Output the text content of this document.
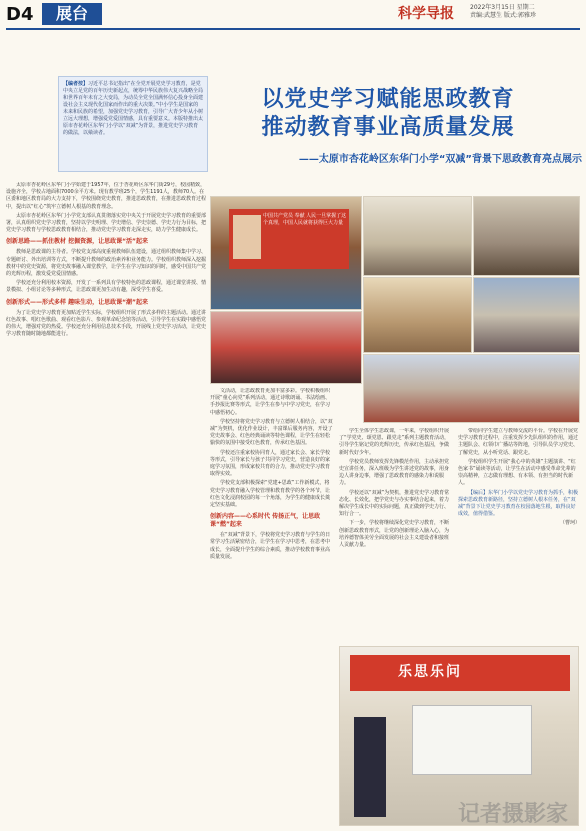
D4	展台	科学导报	2022年3月15日 星期二
责编:武慧生 版式:郭雅珍
【编者按】习近平总书记指出“在全党开展党史学习教育，是党中央立足党的百年历史新起点，统筹中华民族伟大复兴战略全局和世界百年未有之大变局，为动员全党全国满怀信心投身全面建设社会主义现代化国家而作出的重大决策。”中小学生是国家的未来和民族的希望，加强党史学习教育，引导广大青少年从小树立远大理想，增强爱党爱国情感，具有重要意义。本版特推出太原市杏花岭区东华门小学以“双减”为背景，推进党史学习教育的做法，以飨读者。
以党史学习赋能思政教育
推动教育事业高质量发展
——太原市杏花岭区东华门小学“双减”背景下思政教育亮点展示

太原市杏花岭区东华门小学始建于1957年，位于杏花岭区东华门街29号，校园精致，设施齐全，学校占地面积7000余平方米。现有教学班25个，学生1191人，教师70人。在区委和地区教育局的大力支持下，学校围绕党史教育，推进思政教育，在推进思政教育过程中，提出以“红心”筑牢立德树人根基的教育理念。

太原市杏花岭区东华门小学党支部认真贯彻落实党中央关于开展党史学习教育的重要部署，认真组织党史学习教育，坚持以学史明理、学史增信、学史崇德、学史力行为目标，把党史学习教育与学校思政教育相结合，推动党史学习教育走深走实，助力学生健康成长。

创新思路——抓住教材 挖掘资源，让思政课“活”起来

教师是思政课的主导者。学校党支部高度重视教师队伍建设，通过组织教师集中学习、专题研讨、外出培训等方式，不断提升教师的政治素养和业务能力。学校组织教师深入挖掘教材中的党史资源，将党史故事融入课堂教学，让学生在学习知识的同时，感受中国共产党的光辉历程，激发爱党爱国情感。

学校还充分利用校本资源，开发了一系列具有学校特色的思政课程，通过课堂讲授、情景模拟、小组讨论等多种形式，让思政课更加生动有趣，深受学生喜爱。

创新形式——形式多样 趣味生动，让思政课“潮”起来

为了让党史学习教育更加贴近学生实际，学校组织开展了形式多样的主题活动。通过讲红色故事、唱红色歌曲、观看红色影片、参观革命纪念馆等活动，引导学生在实践中感悟党的伟大，增强对党的热爱。学校还充分利用信息技术手段，开展线上党史学习活动，让党史学习教育随时随地都能进行。

文活动，让思政教育更加丰富多彩。学校积极组织开展“童心向党”系列活动，通过诗歌朗诵、书法绘画、手抄报比赛等形式，让学生在参与中学习党史，在学习中感悟初心。

学校坚持将党史学习教育与立德树人相结合，以“双减”为契机，优化作业设计，丰富课后服务内容，开设了党史故事会、红色经典诵读等特色课程，让学生在轻松愉快的氛围中接受红色教育，传承红色基因。

学校还注重家校协同育人，通过家长会、家长学校等形式，引导家长与孩子共同学习党史，营造良好的家庭学习氛围，形成家校共育的合力，推动党史学习教育取得实效。

学校党支部积极探索“党建+思政”工作新模式，将党史学习教育融入学校管理和教育教学的各个环节，让红色文化浸润校园的每一个角落，为学生的健康成长奠定坚实基础。

创新内容——心系时代 传扬正气，让思政课“燃”起来

在“双减”背景下，学校将党史学习教育与学生的日常学习生活紧密结合，让学生在学习中思考，在思考中成长，全面提升学生的综合素质，推动学校教育事业高质量发展。

学生全体学生思政课，一年来，学校组织开展了“学党史、颂党恩、跟党走”系列主题教育活动，引导学生铭记党的光辉历史，传承红色基因，争做新时代好少年。

学校党员教师发挥先锋模范作用，主动承担党史宣讲任务，深入班级为学生讲述党的故事，用身边人讲身边事，增强了思政教育的感染力和说服力。

学校还以“双减”为契机，推进党史学习教育常态化、长效化，把学党史与办实事结合起来，着力解决学生成长中的实际问题，真正做到学史力行、知行合一。

下一步，学校将继续深化党史学习教育，不断创新思政教育形式，让党的创新理论入脑入心，为培养德智体美劳全面发展的社会主义建设者和接班人贡献力量。

带给同学生建立与教师交流的平台。学校在开展党史学习教育过程中，注重发挥少先队组织的作用，通过主题队会、红领巾广播站等阵地，引导队员学习党史、了解党史，从小听党话、跟党走。

学校组织学生开展“我心中的英雄”主题演讲、“红色家书”诵读等活动，让学生在活动中感受革命先辈的崇高精神，立志做有理想、有本领、有担当的时代新人。

【编后】东华门小学以党史学习教育为抓手，积极探索思政教育新路径，坚持立德树人根本任务，在“双减”背景下让党史学习教育在校园落地生根，取得良好成效，值得借鉴。

（曹珂）

中国共产党员 奉献 人民一旦掌握了这个真理，中国人民就将获得巨大力量
乐思乐问
记者摄影家
